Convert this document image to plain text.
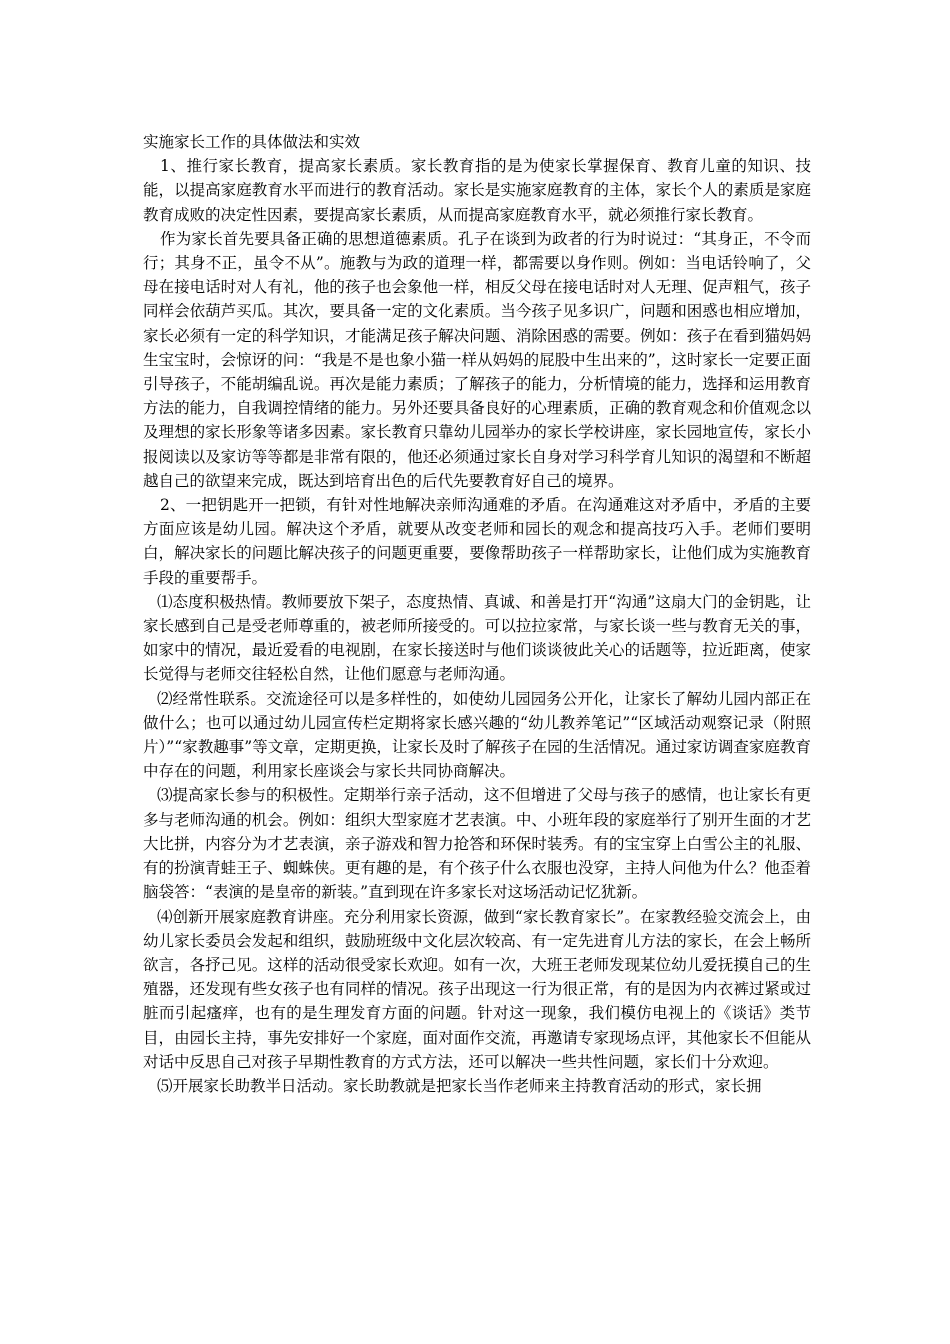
实施家长工作的具体做法和实效

1、推行家长教育，提高家长素质。家长教育指的是为使家长掌握保育、教育儿童的知识、技能，以提高家庭教育水平而进行的教育活动。家长是实施家庭教育的主体，家长个人的素质是家庭教育成败的决定性因素，要提高家长素质，从而提高家庭教育水平，就必须推行家长教育。

作为家长首先要具备正确的思想道德素质。孔子在谈到为政者的行为时说过：“其身正，不令而行；其身不正，虽令不从”。施教与为政的道理一样，都需要以身作则。例如：当电话铃响了，父母在接电话时对人有礼，他的孩子也会象他一样，相反父母在接电话时对人无理、促声粗气，孩子同样会依葫芦买瓜。其次，要具备一定的文化素质。当今孩子见多识广，问题和困惑也相应增加，家长必须有一定的科学知识，才能满足孩子解决问题、消除困惑的需要。例如：孩子在看到猫妈妈生宝宝时，会惊讶的问：“我是不是也象小猫一样从妈妈的屁股中生出来的”，这时家长一定要正面引导孩子，不能胡编乱说。再次是能力素质；了解孩子的能力，分析情境的能力，选择和运用教育方法的能力，自我调控情绪的能力。另外还要具备良好的心理素质，正确的教育观念和价值观念以及理想的家长形象等诸多因素。家长教育只靠幼儿园举办的家长学校讲座，家长园地宣传，家长小报阅读以及家访等等都是非常有限的，他还必须通过家长自身对学习科学育儿知识的渴望和不断超越自己的欲望来完成，既达到培育出色的后代先要教育好自己的境界。

2、一把钥匙开一把锁，有针对性地解决亲师沟通难的矛盾。在沟通难这对矛盾中，矛盾的主要方面应该是幼儿园。解决这个矛盾，就要从改变老师和园长的观念和提高技巧入手。老师们要明白，解决家长的问题比解决孩子的问题更重要，要像帮助孩子一样帮助家长，让他们成为实施教育手段的重要帮手。

⑴态度积极热情。教师要放下架子，态度热情、真诚、和善是打开“沟通”这扇大门的金钥匙，让家长感到自己是受老师尊重的，被老师所接受的。可以拉拉家常，与家长谈一些与教育无关的事，如家中的情况，最近爱看的电视剧，在家长接送时与他们谈谈彼此关心的话题等，拉近距离，使家长觉得与老师交往轻松自然，让他们愿意与老师沟通。

⑵经常性联系。交流途径可以是多样性的，如使幼儿园园务公开化，让家长了解幼儿园内部正在做什么；也可以通过幼儿园宣传栏定期将家长感兴趣的“幼儿教养笔记”“区域活动观察记录（附照片）”“家教趣事”等文章，定期更换，让家长及时了解孩子在园的生活情况。通过家访调查家庭教育中存在的问题，利用家长座谈会与家长共同协商解决。

⑶提高家长参与的积极性。定期举行亲子活动，这不但增进了父母与孩子的感情，也让家长有更多与老师沟通的机会。例如：组织大型家庭才艺表演。中、小班年段的家庭举行了别开生面的才艺大比拼，内容分为才艺表演，亲子游戏和智力抢答和环保时装秀。有的宝宝穿上白雪公主的礼服、有的扮演青蛙王子、蜘蛛侠。更有趣的是，有个孩子什么衣服也没穿，主持人问他为什么？他歪着脑袋答：“表演的是皇帝的新装。”直到现在许多家长对这场活动记忆犹新。

⑷创新开展家庭教育讲座。充分利用家长资源，做到“家长教育家长”。在家教经验交流会上，由幼儿家长委员会发起和组织，鼓励班级中文化层次较高、有一定先进育儿方法的家长，在会上畅所欲言，各抒己见。这样的活动很受家长欢迎。如有一次，大班王老师发现某位幼儿爱抚摸自己的生殖器，还发现有些女孩子也有同样的情况。孩子出现这一行为很正常，有的是因为内衣裤过紧或过脏而引起瘙痒，也有的是生理发育方面的问题。针对这一现象，我们模仿电视上的《谈话》类节目，由园长主持，事先安排好一个家庭，面对面作交流，再邀请专家现场点评，其他家长不但能从对话中反思自己对孩子早期性教育的方式方法，还可以解决一些共性问题，家长们十分欢迎。

⑸开展家长助教半日活动。家长助教就是把家长当作老师来主持教育活动的形式，家长拥
